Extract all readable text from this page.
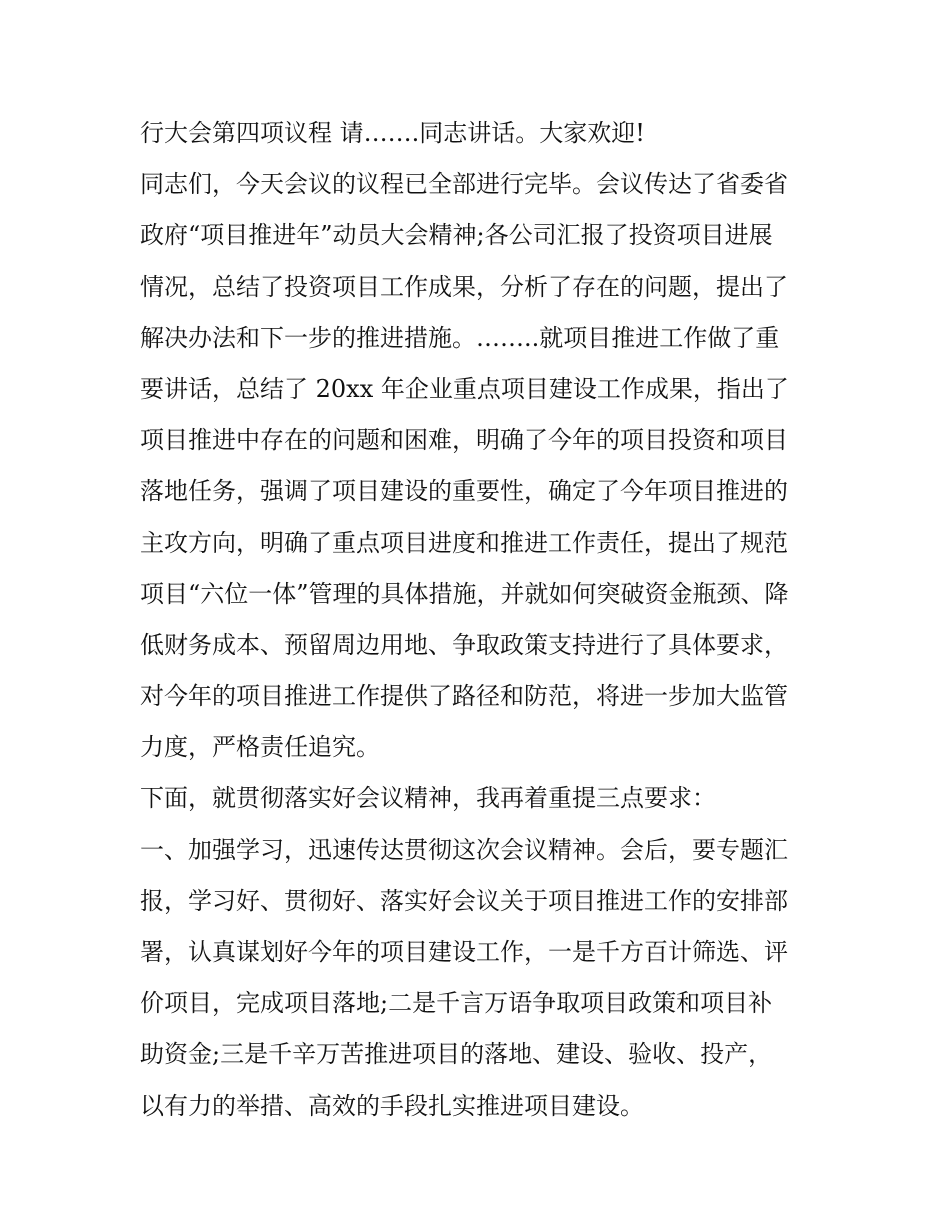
行大会第四项议程 请…….同志讲话。大家欢迎!
同志们，今天会议的议程已全部进行完毕。会议传达了省委省
政府“项目推进年”动员大会精神;各公司汇报了投资项目进展
情况，总结了投资项目工作成果，分析了存在的问题，提出了
解决办法和下一步的推进措施。……..就项目推进工作做了重
要讲话，总结了 20xx 年企业重点项目建设工作成果，指出了
项目推进中存在的问题和困难，明确了今年的项目投资和项目
落地任务，强调了项目建设的重要性，确定了今年项目推进的
主攻方向，明确了重点项目进度和推进工作责任，提出了规范
项目“六位一体”管理的具体措施，并就如何突破资金瓶颈、降
低财务成本、预留周边用地、争取政策支持进行了具体要求，
对今年的项目推进工作提供了路径和防范，将进一步加大监管
力度，严格责任追究。
下面，就贯彻落实好会议精神，我再着重提三点要求：
一、加强学习，迅速传达贯彻这次会议精神。会后，要专题汇
报，学习好、贯彻好、落实好会议关于项目推进工作的安排部
署，认真谋划好今年的项目建设工作，一是千方百计筛选、评
价项目，完成项目落地;二是千言万语争取项目政策和项目补
助资金;三是千辛万苦推进项目的落地、建设、验收、投产，
以有力的举措、高效的手段扎实推进项目建设。
